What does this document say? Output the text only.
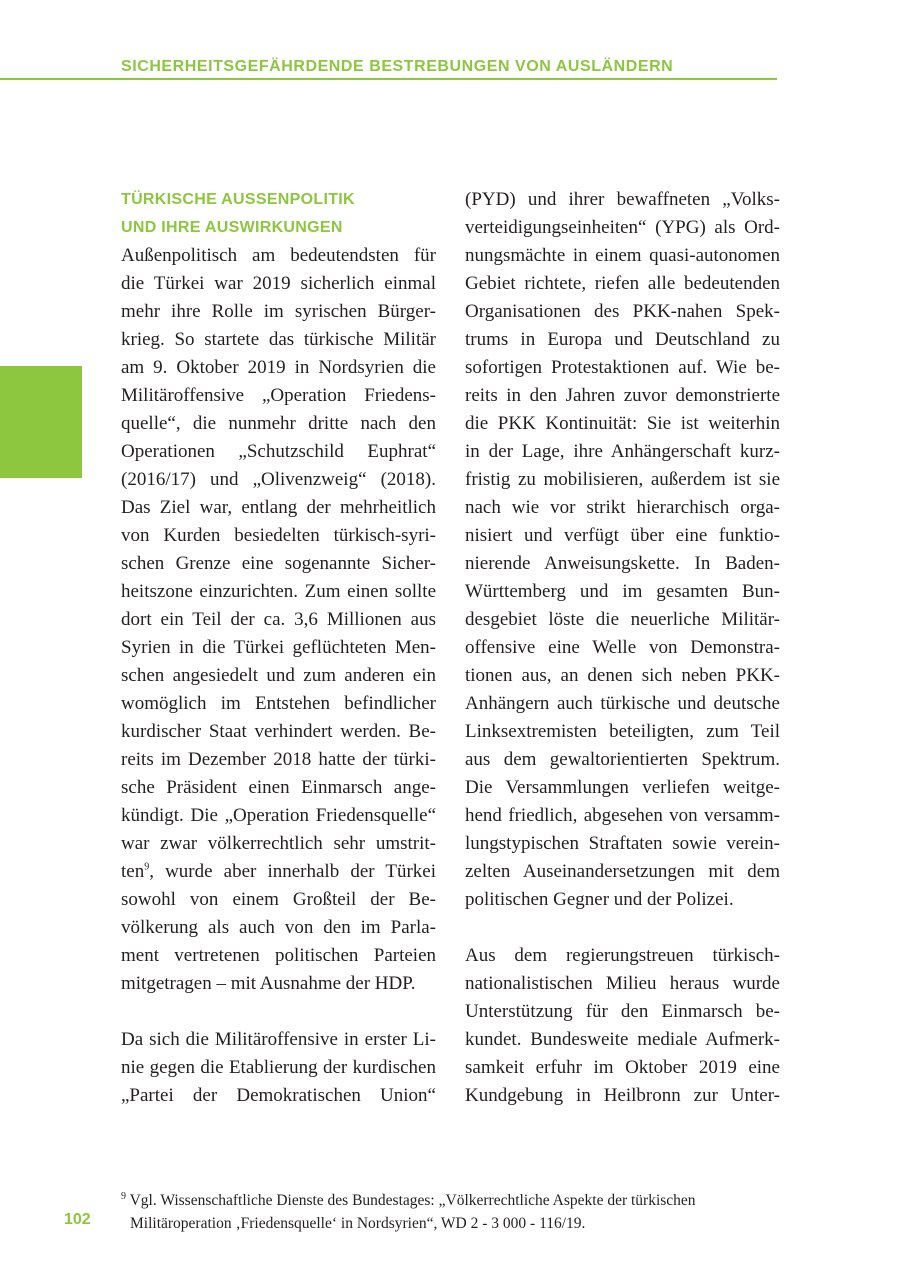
SICHERHEITSGEFÄHRDENDE BESTREBUNGEN VON AUSLÄNDERN
TÜRKISCHE AUSSENPOLITIK
UND IHRE AUSWIRKUNGEN
Außenpolitisch am bedeutendsten für
die Türkei war 2019 sicherlich einmal
mehr ihre Rolle im syrischen Bürger-
krieg. So startete das türkische Militär
am 9. Oktober 2019 in Nordsyrien die
Militäroffensive „Operation Friedens-
quelle“, die nunmehr dritte nach den
Operationen „Schutzschild Euphrat“
(2016/17) und „Olivenzweig“ (2018).
Das Ziel war, entlang der mehrheitlich
von Kurden besiedelten türkisch-syri-
schen Grenze eine sogenannte Sicher-
heitszone einzurichten. Zum einen sollte
dort ein Teil der ca. 3,6 Millionen aus
Syrien in die Türkei geflüchteten Men-
schen angesiedelt und zum anderen ein
womöglich im Entstehen befindlicher
kurdischer Staat verhindert werden. Be-
reits im Dezember 2018 hatte der türki-
sche Präsident einen Einmarsch ange-
kündigt. Die „Operation Friedensquelle“
war zwar völkerrechtlich sehr umstrit-
ten$^9$, wurde aber innerhalb der Türkei
sowohl von einem Großteil der Be-
völkerung als auch von den im Parla-
ment vertretenen politischen Parteien
mitgetragen – mit Ausnahme der HDP.
Da sich die Militäroffensive in erster Li-
nie gegen die Etablierung der kurdischen
„Partei der Demokratischen Union“
(PYD) und ihrer bewaffneten „Volks-
verteidigungseinheiten“ (YPG) als Ord-
nungsmächte in einem quasi-autonomen
Gebiet richtete, riefen alle bedeutenden
Organisationen des PKK-nahen Spek-
trums in Europa und Deutschland zu
sofortigen Protestaktionen auf. Wie be-
reits in den Jahren zuvor demonstrierte
die PKK Kontinuität: Sie ist weiterhin
in der Lage, ihre Anhängerschaft kurz-
fristig zu mobilisieren, außerdem ist sie
nach wie vor strikt hierarchisch orga-
nisiert und verfügt über eine funktio-
nierende Anweisungskette. In Baden-
Württemberg und im gesamten Bun-
desgebiet löste die neuerliche Militär-
offensive eine Welle von Demonstra-
tionen aus, an denen sich neben PKK-
Anhängern auch türkische und deutsche
Linksextremisten beteiligten, zum Teil
aus dem gewaltorientierten Spektrum.
Die Versammlungen verliefen weitge-
hend friedlich, abgesehen von versamm-
lungstypischen Straftaten sowie verein-
zelten Auseinandersetzungen mit dem
politischen Gegner und der Polizei.
Aus dem regierungstreuen türkisch-
nationalistischen Milieu heraus wurde
Unterstützung für den Einmarsch be-
kundet. Bundesweite mediale Aufmerk-
samkeit erfuhr im Oktober 2019 eine
Kundgebung in Heilbronn zur Unter-
$^9$ Vgl. Wissenschaftliche Dienste des Bundestages: „Völkerrechtliche Aspekte der türkischen
Militäroperation ‚Friedensquelle‘ in Nordsyrien“, WD 2 - 3 000 - 116/19.
102
